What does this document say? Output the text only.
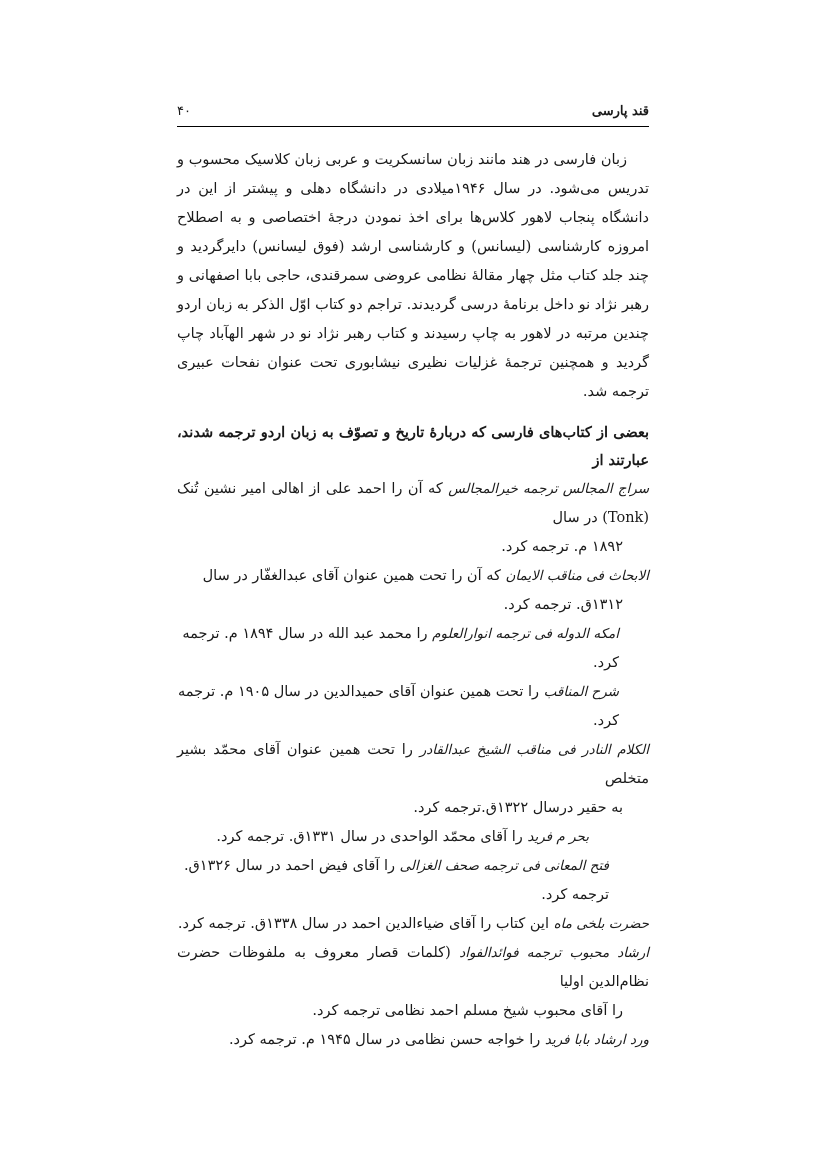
قند پارسی
۴۰

زبان فارسی در هند مانند زبان سانسکریت و عربی زبان کلاسیک محسوب و تدریس می‌شود. در سال ۱۹۴۶میلادی در دانشگاه دهلی و پیشتر از این در دانشگاه پنجاب لاهور کلاس‌ها برای اخذ نمودن درجهٔ اختصاصی و به اصطلاح امروزه کارشناسی (لیسانس) و کارشناسی ارشد (فوق لیسانس) دایرگردید و چند جلد کتاب مثل چهار مقالهٔ نظامی عروضی سمرقندی، حاجی بابا اصفهانی و رهبر نژاد نو داخل برنامهٔ درسی گردیدند. تراجم دو کتاب اوّل الذکر به زبان اردو چندین مرتبه در لاهور به چاپ رسیدند و کتاب رهبر نژاد نو در شهر الهآباد چاپ گردید و همچنین ترجمهٔ غزلیات نظیری نیشابوری تحت عنوان نفحات عبیری ترجمه شد.

بعضی از کتاب‌های فارسی که دربارهٔ تاریخ و تصوّف به زبان اردو ترجمه شدند، عبارتند از

سراج المجالس ترجمه خیرالمجالس که آن را احمد علی از اهالی امیر نشین تُنک (Tonk) در سال
۱۸۹۲ م. ترجمه کرد.
الابحاث فی مناقب الایمان که آن را تحت همین عنوان آقای عبدالغفّار در سال
۱۳۱۲ق. ترجمه کرد.
امکه الدوله فی ترجمه انوارالعلوم را محمد عبد الله در سال ۱۸۹۴ م. ترجمه کرد.
شرح المناقب را تحت همین عنوان آقای حمیدالدین در سال ۱۹۰۵ م. ترجمه کرد.
الکلام النادر فی مناقب الشیخ عبدالقادر را تحت همین عنوان آقای محمّد بشیر متخلص
به حقیر درسال ۱۳۲۲ق.ترجمه کرد.
بحر م فرید را آقای محمّد الواحدی در سال ۱۳۳۱ق. ترجمه کرد.
فتح المعانی فی ترجمه صحف الغزالی را آقای فیض احمد در سال ۱۳۲۶ق. ترجمه کرد.
حضرت بلخی ماه این کتاب را آقای ضیاءالدین احمد در سال ۱۳۳۸ق. ترجمه کرد.
ارشاد محبوب ترجمه فوائدالفواد (کلمات قصار معروف به ملفوظات حضرت نظام‌الدین اولیا
را آقای محبوب شیخ مسلم احمد نظامی ترجمه کرد.
ورد ارشاد بابا فرید را خواجه حسن نظامی در سال ۱۹۴۵ م. ترجمه کرد.
